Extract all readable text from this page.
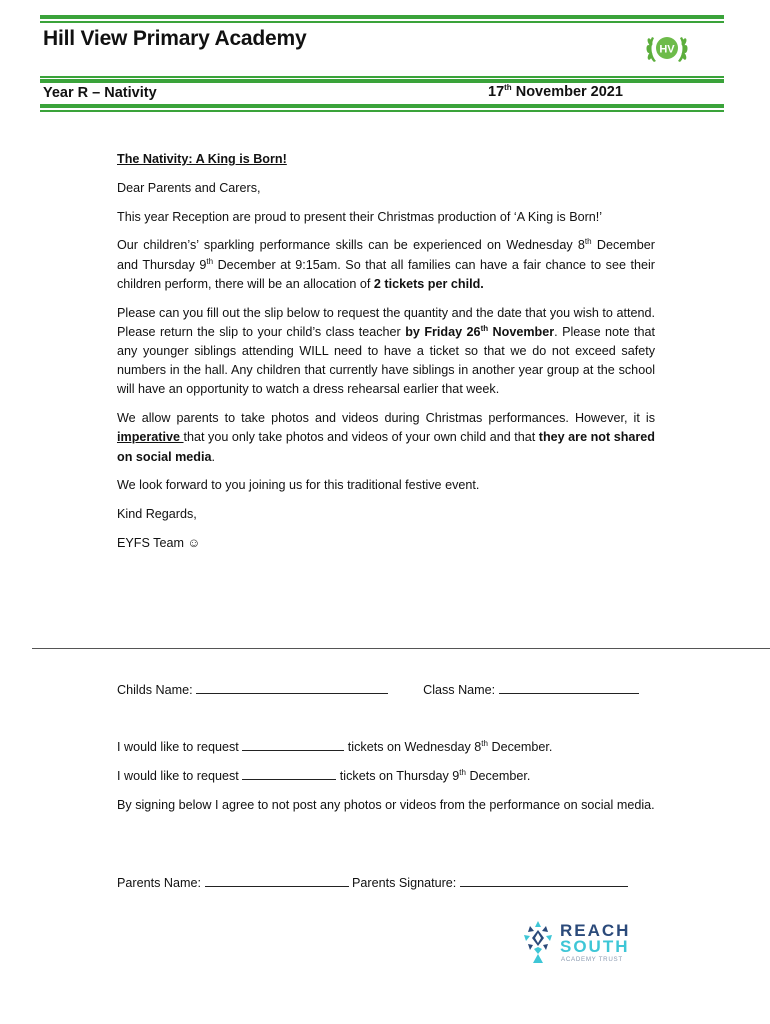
Hill View Primary Academy	HV
Year R – Nativity	17th November 2021

The Nativity: A King is Born!

Dear Parents and Carers,

This year Reception are proud to present their Christmas production of ‘A King is Born!’

Our children’s’ sparkling performance skills can be experienced on Wednesday 8th December and Thursday 9th December at 9:15am. So that all families can have a fair chance to see their children perform, there will be an allocation of 2 tickets per child.

Please can you fill out the slip below to request the quantity and the date that you wish to attend. Please return the slip to your child’s class teacher by Friday 26th November. Please note that any younger siblings attending WILL need to have a ticket so that we do not exceed safety numbers in the hall. Any children that currently have siblings in another year group at the school will have an opportunity to watch a dress rehearsal earlier that week.

We allow parents to take photos and videos during Christmas performances. However, it is imperative that you only take photos and videos of your own child and that they are not shared on social media.

We look forward to you joining us for this traditional festive event.

Kind Regards,

EYFS Team ☺

Childs Name:	Class Name:
I would like to request	tickets on Wednesday 8th December.
I would like to request	tickets on Thursday 9th December.
By signing below I agree to not post any photos or videos from the performance on social media.
Parents Name:	Parents Signature:
REACH
SOUTH
ACADEMY TRUST
